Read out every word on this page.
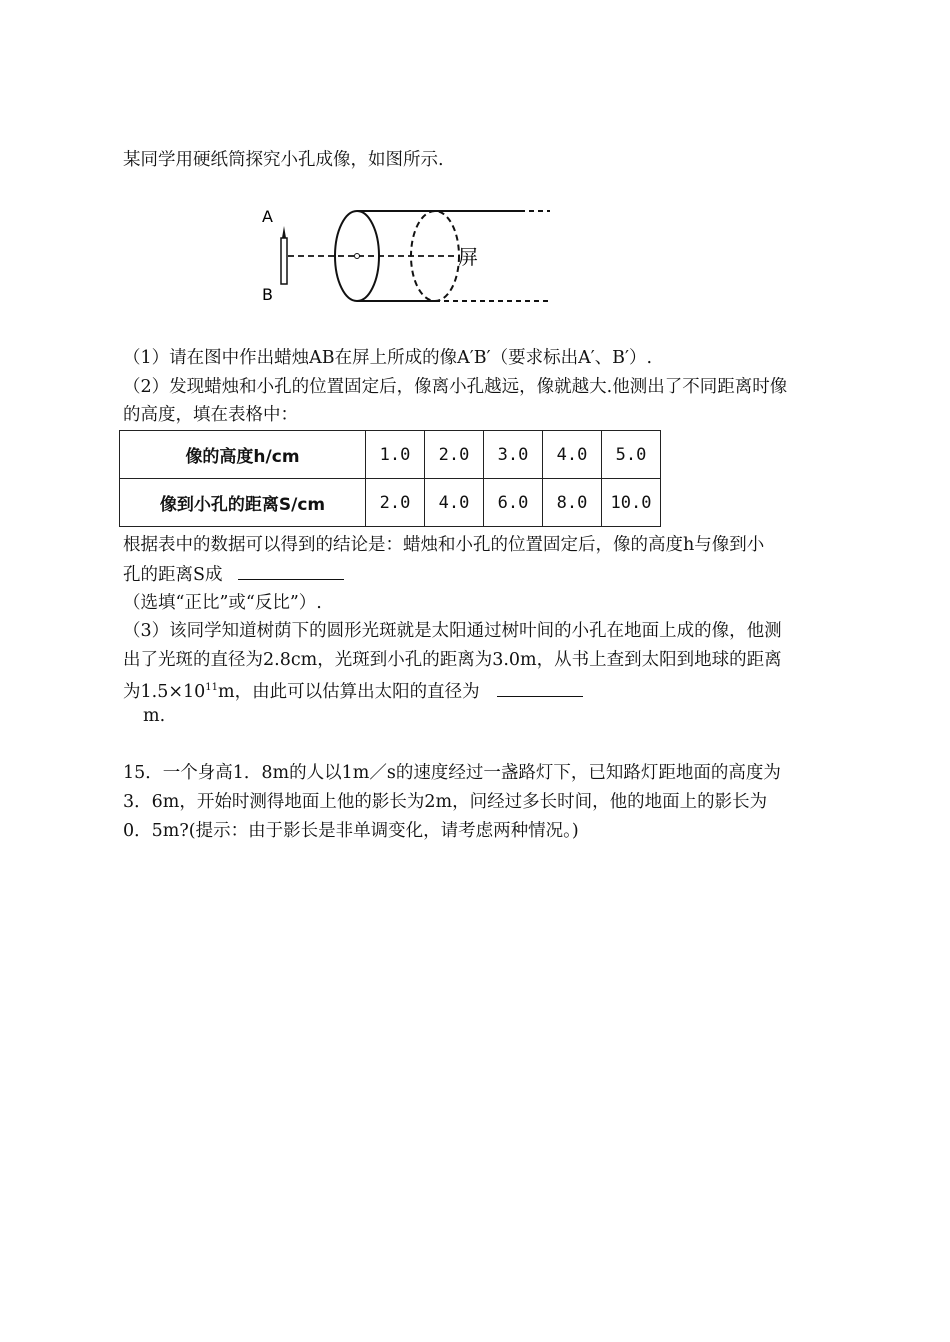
某同学用硬纸筒探究小孔成像，如图所示.
A
B
屏
（1）请在图中作出蜡烛AB在屏上所成的像A′B′（要求标出A′、B′）.
（2）发现蜡烛和小孔的位置固定后，像离小孔越远，像就越大.他测出了不同距离时像
的高度，填在表格中：
像的高度h/cm	1.0	2.0	3.0	4.0	5.0
像到小孔的距离S/cm	2.0	4.0	6.0	8.0	10.0
根据表中的数据可以得到的结论是：蜡烛和小孔的位置固定后，像的高度h与像到小
孔的距离S成
（选填“正比”或“反比”）.
（3）该同学知道树荫下的圆形光斑就是太阳通过树叶间的小孔在地面上成的像，他测
出了光斑的直径为2.8cm，光斑到小孔的距离为3.0m，从书上查到太阳到地球的距离
为$1.5\times 10^{11}m$，由此可以估算出太阳的直径为
m.
15．一个身高1．8m的人以1m／s的速度经过一盏路灯下，已知路灯距地面的高度为
3．6m，开始时测得地面上他的影长为2m，问经过多长时间，他的地面上的影长为
0．5m?(提示：由于影长是非单调变化，请考虑两种情况。)
